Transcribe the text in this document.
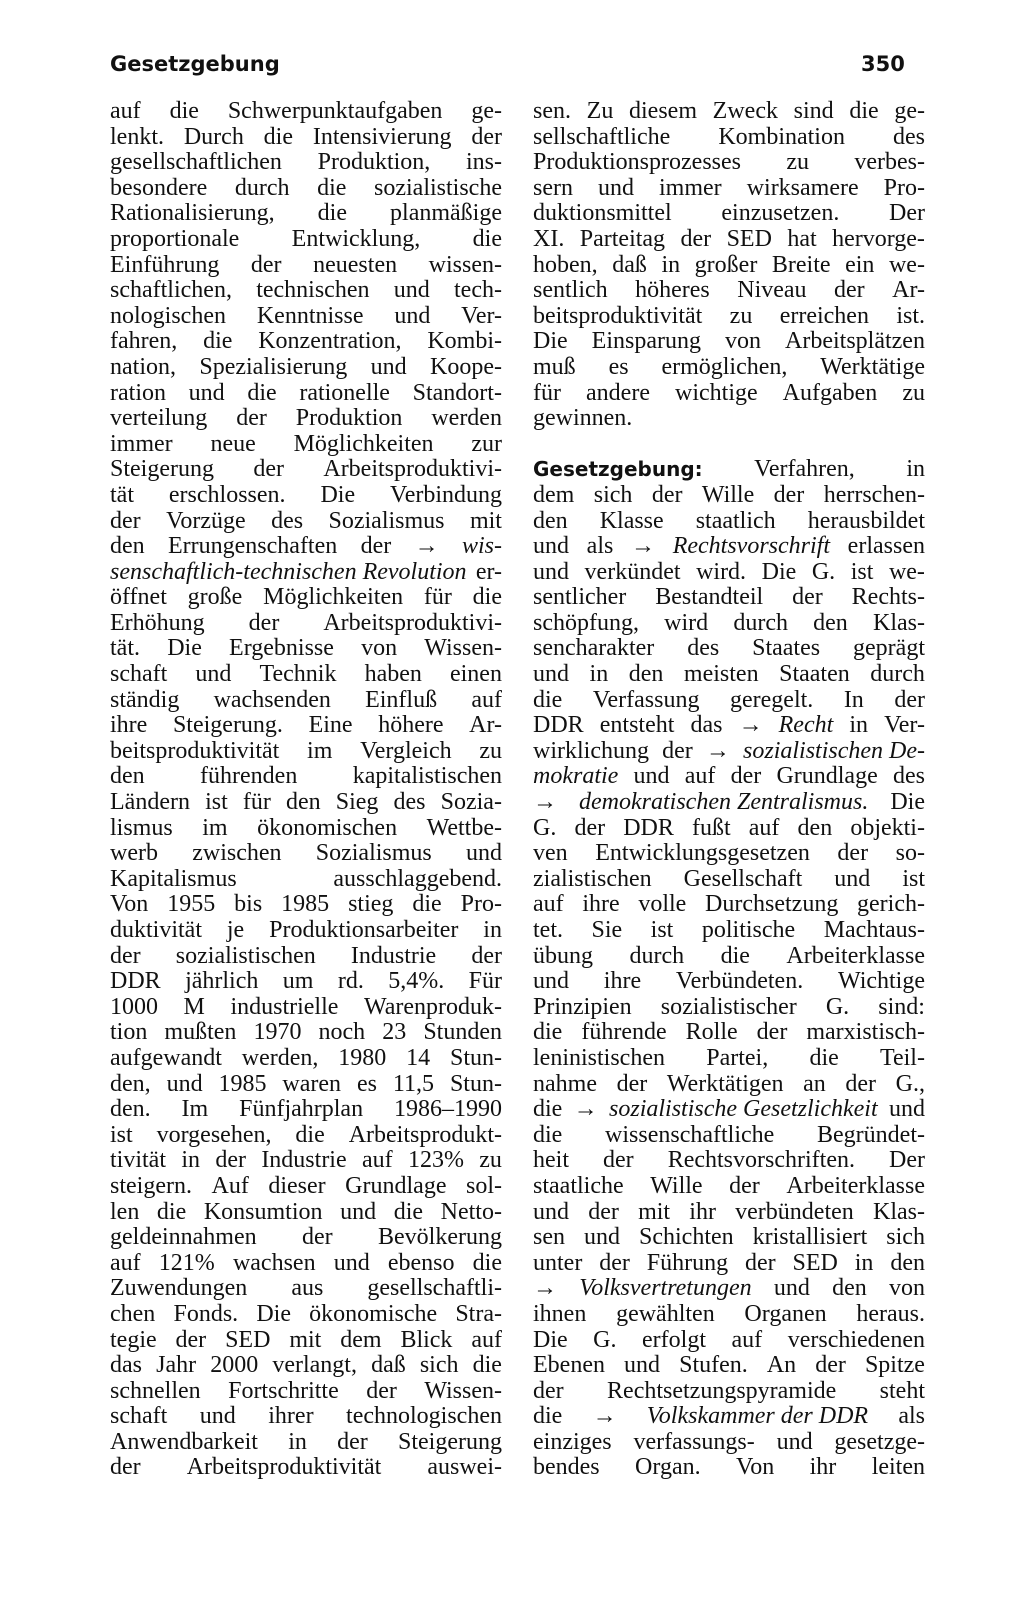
Gesetzgebung	350
auf die Schwerpunktaufgaben ge-
lenkt. Durch die Intensivierung der
gesellschaftlichen Produktion, ins-
besondere durch die sozialistische
Rationalisierung, die planmäßige
proportionale Entwicklung, die
Einführung der neuesten wissen-
schaftlichen, technischen und tech-
nologischen Kenntnisse und Ver-
fahren, die Konzentration, Kombi-
nation, Spezialisierung und Koope-
ration und die rationelle Standort-
verteilung der Produktion werden
immer neue Möglichkeiten zur
Steigerung der Arbeitsproduktivi-
tät erschlossen. Die Verbindung
der Vorzüge des Sozialismus mit
den Errungenschaften der → wis-
senschaftlich-technischen Revolution er-
öffnet große Möglichkeiten für die
Erhöhung der Arbeitsproduktivi-
tät. Die Ergebnisse von Wissen-
schaft und Technik haben einen
ständig wachsenden Einfluß auf
ihre Steigerung. Eine höhere Ar-
beitsproduktivität im Vergleich zu
den führenden kapitalistischen
Ländern ist für den Sieg des Sozia-
lismus im ökonomischen Wettbe-
werb zwischen Sozialismus und
Kapitalismus	ausschlaggebend.
Von 1955 bis 1985 stieg die Pro-
duktivität je Produktionsarbeiter in
der sozialistischen Industrie der
DDR jährlich um rd. 5,4%. Für
1000 M industrielle Warenproduk-
tion mußten 1970 noch 23 Stunden
aufgewandt werden, 1980 14 Stun-
den, und 1985 waren es 11,5 Stun-
den. Im Fünfjahrplan 1986–1990
ist vorgesehen, die Arbeitsprodukt-
tivität in der Industrie auf 123% zu
steigern. Auf dieser Grundlage sol-
len die Konsumtion und die Netto-
geldeinnahmen der Bevölkerung
auf 121% wachsen und ebenso die
Zuwendungen aus gesellschaftli-
chen Fonds. Die ökonomische Stra-
tegie der SED mit dem Blick auf
das Jahr 2000 verlangt, daß sich die
schnellen Fortschritte der Wissen-
schaft und ihrer technologischen
Anwendbarkeit in der Steigerung
der Arbeitsproduktivität auswei-
sen. Zu diesem Zweck sind die ge-
sellschaftliche Kombination des
Produktionsprozesses zu verbes-
sern und immer wirksamere Pro-
duktionsmittel einzusetzen. Der
XI. Parteitag der SED hat hervorge-
hoben, daß in großer Breite ein we-
sentlich höheres Niveau der Ar-
beitsproduktivität zu erreichen ist.
Die Einsparung von Arbeitsplätzen
muß es ermöglichen, Werktätige
für andere wichtige Aufgaben zu
gewinnen.
Gesetzgebung: Verfahren, in
dem sich der Wille der herrschen-
den Klasse staatlich herausbildet
und als → Rechtsvorschrift erlassen
und verkündet wird. Die G. ist we-
sentlicher Bestandteil der Rechts-
schöpfung, wird durch den Klas-
sencharakter des Staates geprägt
und in den meisten Staaten durch
die Verfassung geregelt. In der
DDR entsteht das → Recht in Ver-
wirklichung der → sozialistischen De-
mokratie und auf der Grundlage des
→ demokratischen Zentralismus. Die
G. der DDR fußt auf den objekti-
ven Entwicklungsgesetzen der so-
zialistischen Gesellschaft und ist
auf ihre volle Durchsetzung gerich-
tet. Sie ist politische Machtaus-
übung durch die Arbeiterklasse
und ihre Verbündeten. Wichtige
Prinzipien sozialistischer G. sind:
die führende Rolle der marxistisch-
leninistischen Partei, die Teil-
nahme der Werktätigen an der G.,
die → sozialistische Gesetzlichkeit und
die wissenschaftliche Begründet-
heit der Rechtsvorschriften. Der
staatliche Wille der Arbeiterklasse
und der mit ihr verbündeten Klas-
sen und Schichten kristallisiert sich
unter der Führung der SED in den
→ Volksvertretungen und den von
ihnen gewählten Organen heraus.
Die G. erfolgt auf verschiedenen
Ebenen und Stufen. An der Spitze
der Rechtsetzungspyramide steht
die → Volkskammer der DDR als
einziges verfassungs- und gesetzge-
bendes Organ. Von ihr leiten
